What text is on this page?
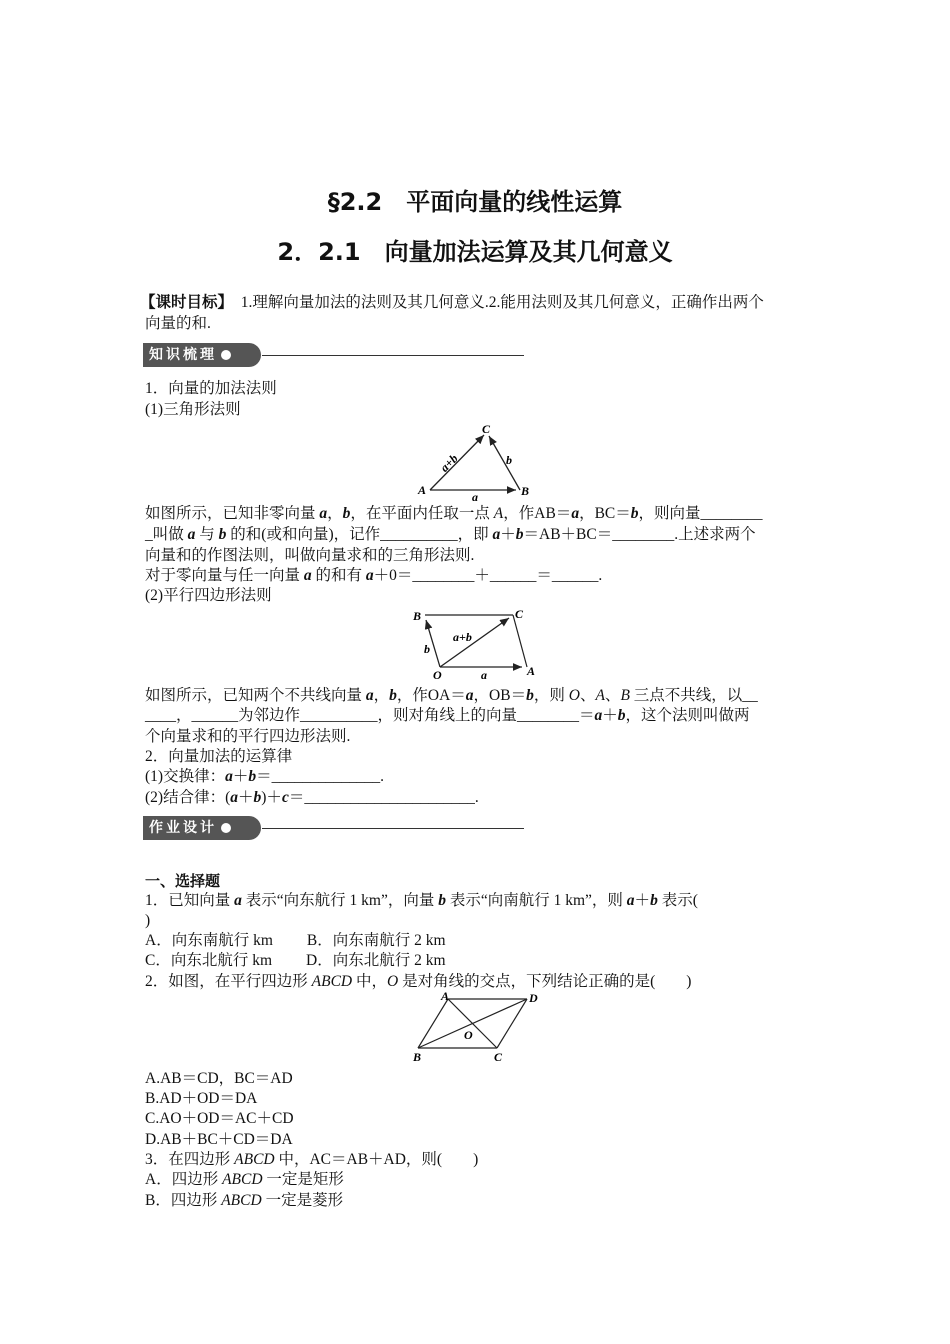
§2.2　平面向量的线性运算
2．2.1　向量加法运算及其几何意义
【课时目标】　1.理解向量加法的法则及其几何意义.2.能用法则及其几何意义，正确作出两个
向量的和.
知识梳理
1．向量的加法法则
(1)三角形法则
A	B
C
a
b
a+b
如图所示，已知非零向量 a，b，在平面内任取一点 A，作AB＝a，BC＝b，则向量________
_叫做 a 与 b 的和(或和向量)，记作__________，即 a＋b＝AB＋BC＝________.上述求两个
向量和的作图法则，叫做向量求和的三角形法则.
对于零向量与任一向量 a 的和有 a＋0＝________＋______＝______.
(2)平行四边形法则
B	C
O	A
a
b
a+b
如图所示，已知两个不共线向量 a，b，作OA＝a，OB＝b，则 O、A、B 三点不共线，以__
____，______为邻边作__________，则对角线上的向量________＝a＋b，这个法则叫做两
个向量求和的平行四边形法则.
2．向量加法的运算律
(1)交换律：a＋b＝______________.
(2)结合律：(a＋b)＋c＝______________________.
作业设计
一、选择题
1．已知向量 a 表示“向东航行 1 km”，向量 b 表示“向南航行 1 km”，则 a＋b 表示(
)
A．向东南航行 km B．向东南航行 2 km
C．向东北航行 km D．向东北航行 2 km
2．如图，在平行四边形 ABCD 中，O 是对角线的交点，下列结论正确的是(　　)
A	D
O
B	C
A.AB＝CD，BC＝AD
B.AD＋OD＝DA
C.AO＋OD＝AC＋CD
D.AB＋BC＋CD＝DA
3．在四边形 ABCD 中，AC＝AB＋AD，则(　　)
A．四边形 ABCD 一定是矩形
B．四边形 ABCD 一定是菱形
